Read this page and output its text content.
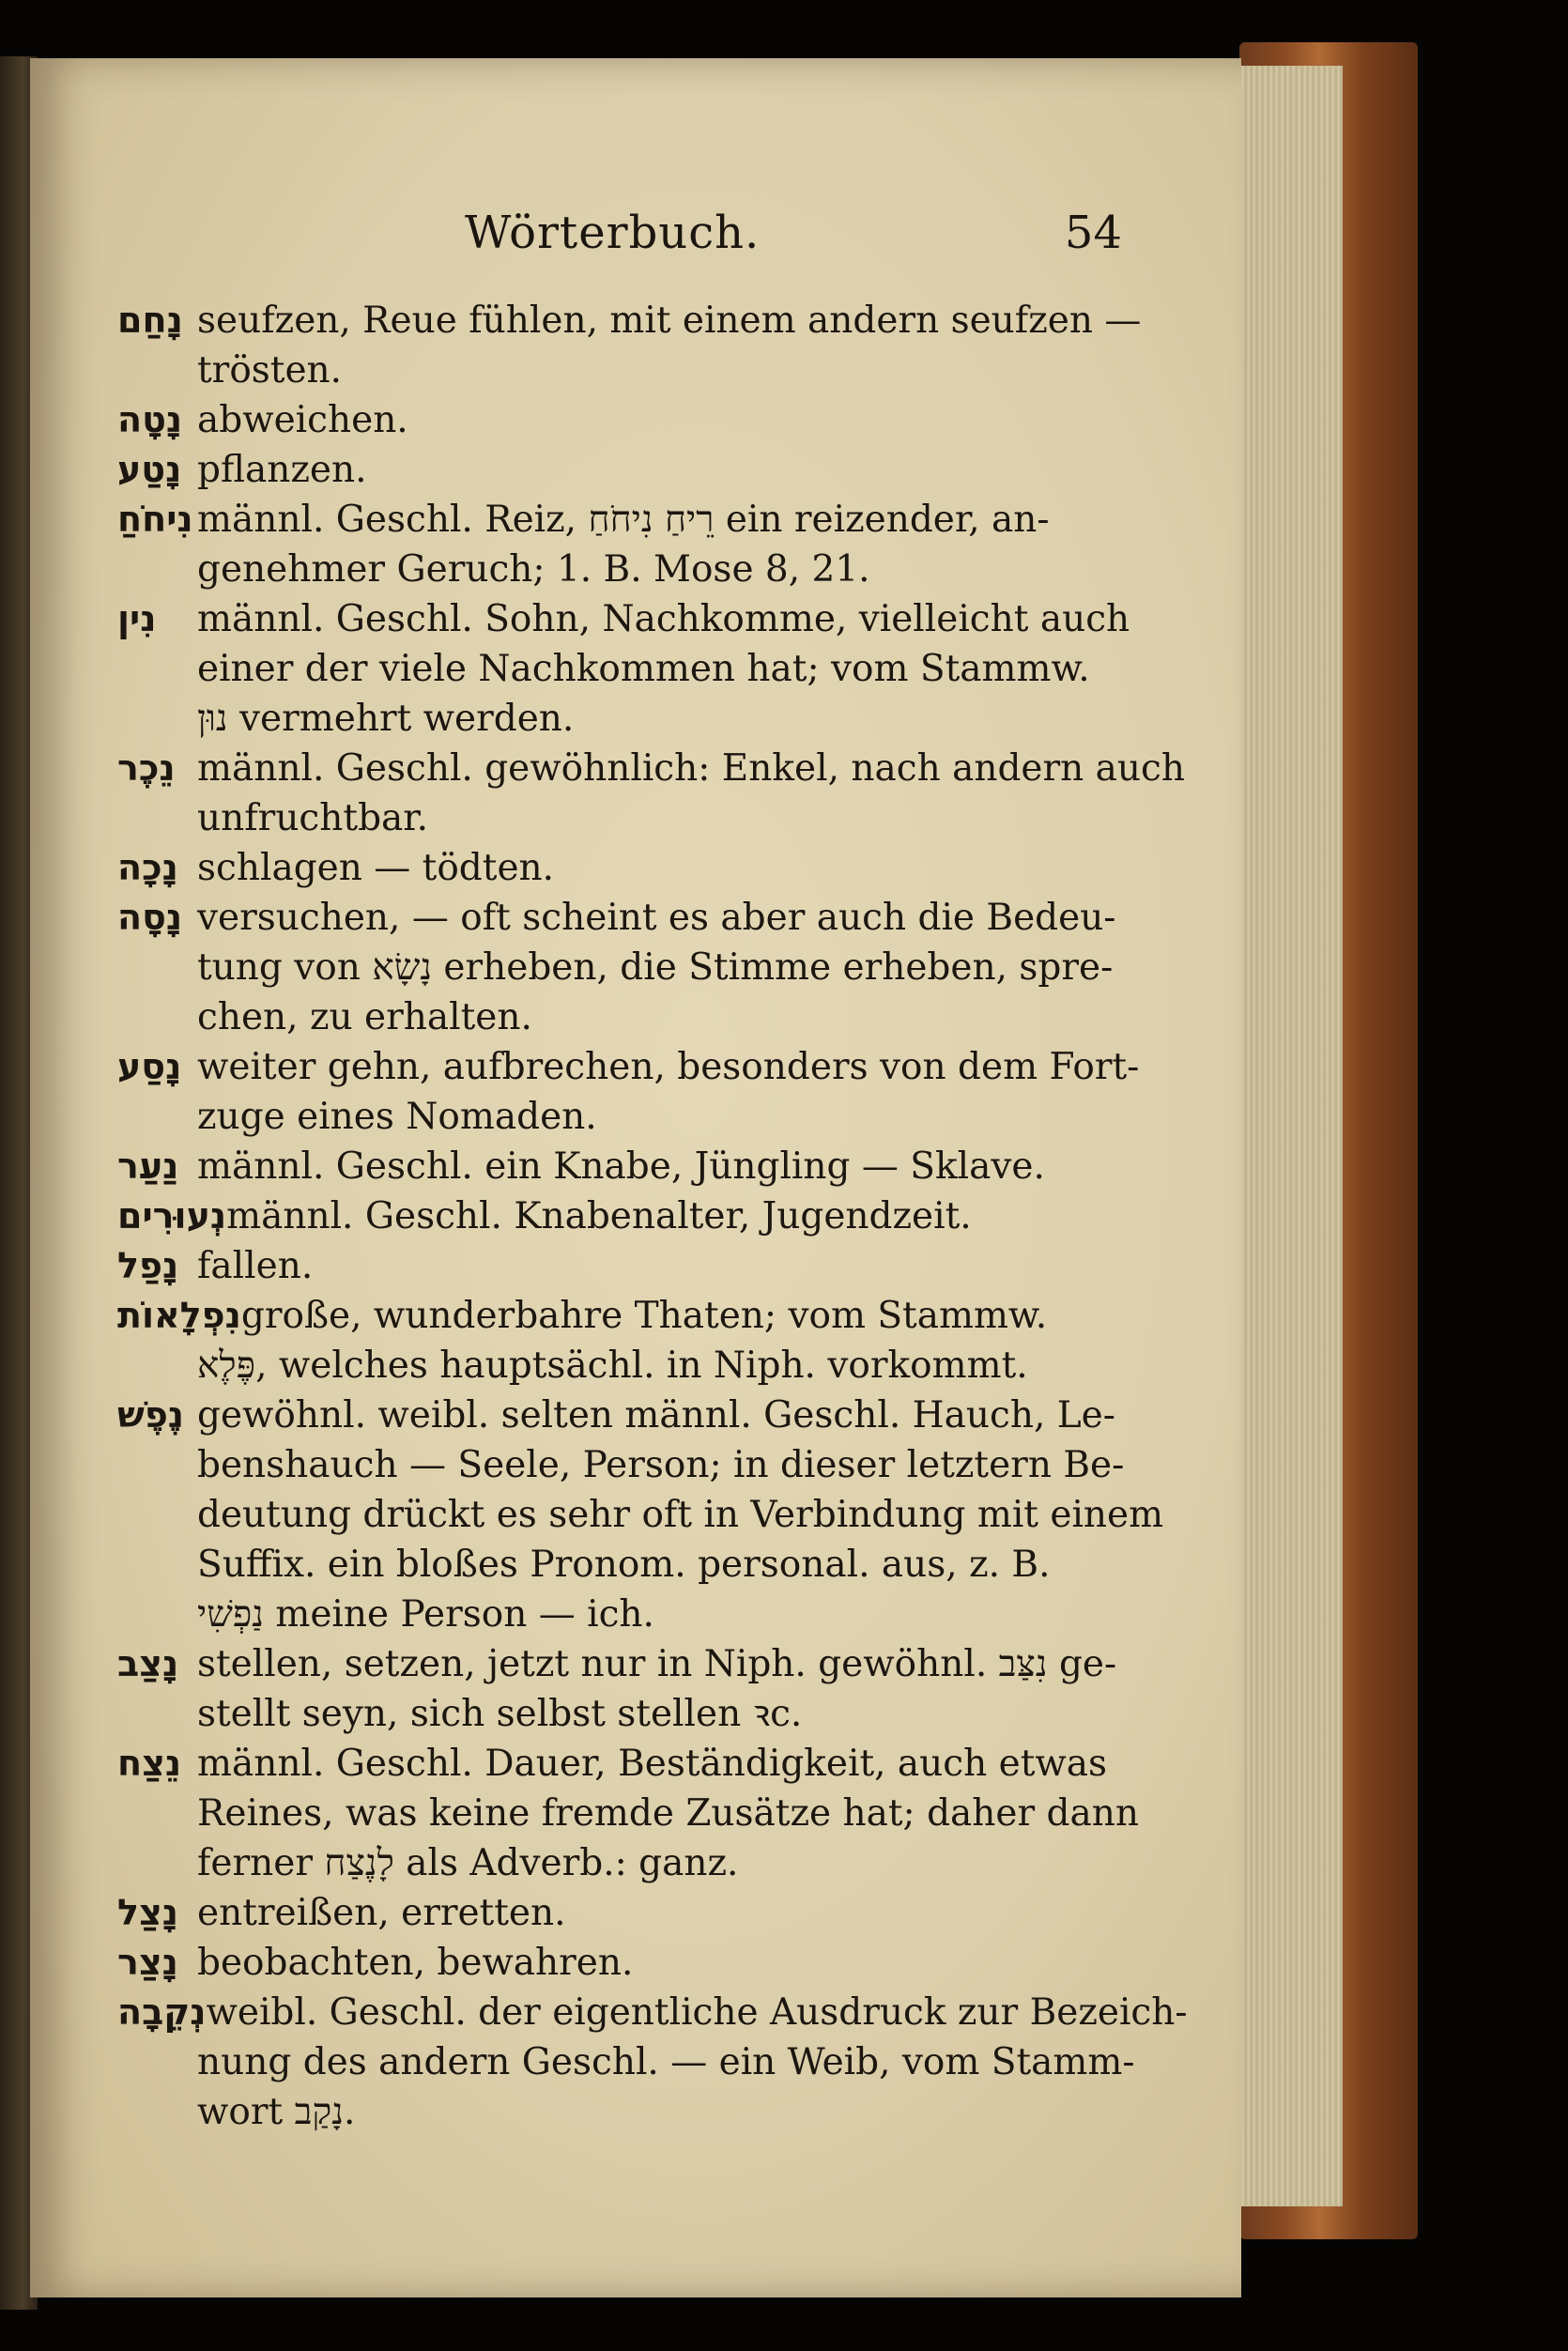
Wörterbuch.	54
נָחַם seufzen, Reue fühlen, mit einem andern seufzen —
trösten.
נָטָה abweichen.
נָטַע pflanzen.
נִיחֹחַ männl. Geschl. Reiz, רֵיחַ נִיחֹחַ ein reizender, an-
genehmer Geruch; 1. B. Mose 8, 21.
נִין männl. Geschl. Sohn, Nachkomme, vielleicht auch
einer der viele Nachkommen hat; vom Stammw.
נוּן vermehrt werden.
נֵכֶר männl. Geschl. gewöhnlich: Enkel, nach andern auch
unfruchtbar.
נָכָה schlagen — tödten.
נָסָה versuchen, — oft scheint es aber auch die Bedeu-
tung von נָשָׂא erheben, die Stimme erheben, spre-
chen, zu erhalten.
נָסַע weiter gehn, aufbrechen, besonders von dem Fort-
zuge eines Nomaden.
נַעַר männl. Geschl. ein Knabe, Jüngling — Sklave.
נְעוּרִיםmännl. Geschl. Knabenalter, Jugendzeit.
נָפַל fallen.
נִפְלָאוֹתgroße, wunderbahre Thaten; vom Stammw.
פֶּלֶא, welches hauptsächl. in Niph. vorkommt.
נֶפֶשׁ gewöhnl. weibl. selten männl. Geschl. Hauch, Le-
benshauch — Seele, Person; in dieser letztern Be-
deutung drückt es sehr oft in Verbindung mit einem
Suffix. ein bloßes Pronom. personal. aus, z. B.
נַפְשִׁי meine Person — ich.
נָצַב stellen, setzen, jetzt nur in Niph. gewöhnl. נִצַּב ge-
stellt seyn, sich selbst stellen ꝛc.
נֵצַח männl. Geschl. Dauer, Beständigkeit, auch etwas
Reines, was keine fremde Zusätze hat; daher dann
ferner לָנֶצַח als Adverb.: ganz.
נָצַל entreißen, erretten.
נָצַר beobachten, bewahren.
נְקֵבָהweibl. Geschl. der eigentliche Ausdruck zur Bezeich-
nung des andern Geschl. — ein Weib, vom Stamm-
wort נָקַב.
